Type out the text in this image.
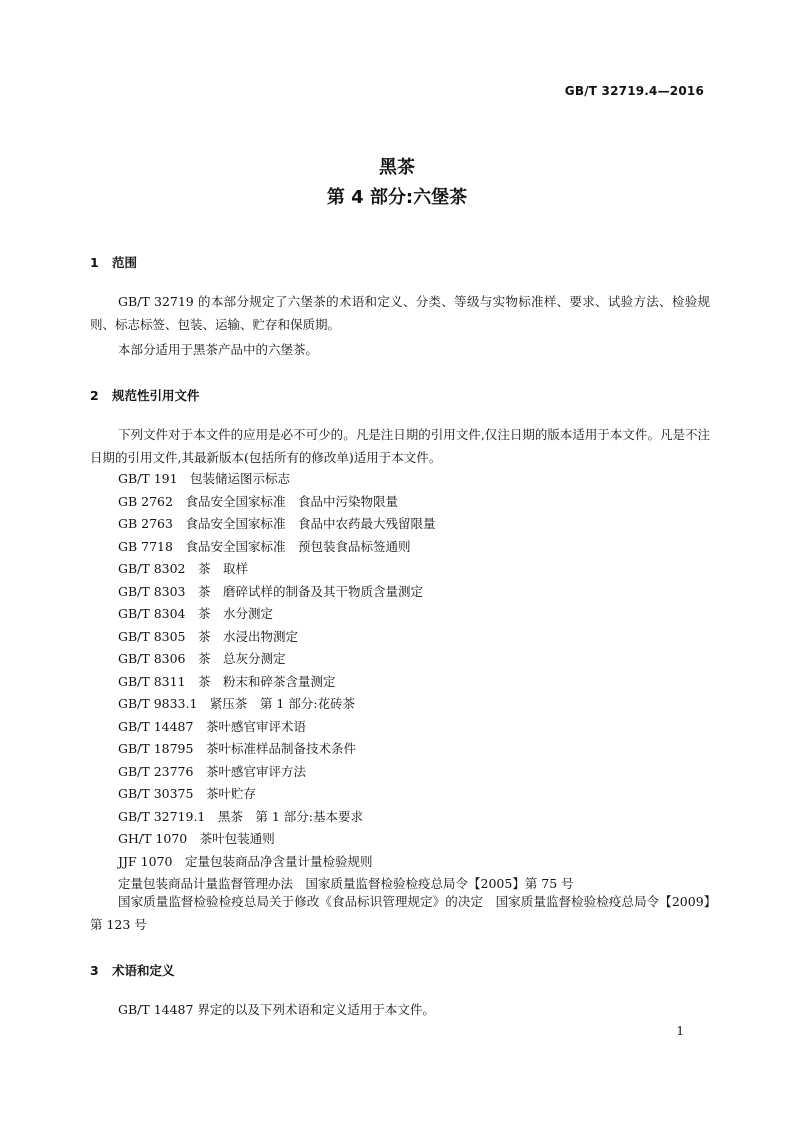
GB/T 32719.4—2016
黑茶
第 4 部分:六堡茶
1 范围
GB/T 32719 的本部分规定了六堡茶的术语和定义、分类、等级与实物标准样、要求、试验方法、检验规则、标志标签、包装、运输、贮存和保质期。
本部分适用于黑茶产品中的六堡茶。
2 规范性引用文件
下列文件对于本文件的应用是必不可少的。凡是注日期的引用文件,仅注日期的版本适用于本文件。凡是不注日期的引用文件,其最新版本(包括所有的修改单)适用于本文件。
GB/T 191　包装储运图示标志
GB 2762　食品安全国家标准　食品中污染物限量
GB 2763　食品安全国家标准　食品中农药最大残留限量
GB 7718　食品安全国家标准　预包装食品标签通则
GB/T 8302　茶　取样
GB/T 8303　茶　磨碎试样的制备及其干物质含量测定
GB/T 8304　茶　水分测定
GB/T 8305　茶　水浸出物测定
GB/T 8306　茶　总灰分测定
GB/T 8311　茶　粉末和碎茶含量测定
GB/T 9833.1　紧压茶　第 1 部分:花砖茶
GB/T 14487　茶叶感官审评术语
GB/T 18795　茶叶标准样品制备技术条件
GB/T 23776　茶叶感官审评方法
GB/T 30375　茶叶贮存
GB/T 32719.1　黑茶　第 1 部分:基本要求
GH/T 1070　茶叶包装通则
JJF 1070　定量包装商品净含量计量检验规则
定量包装商品计量监督管理办法　国家质量监督检验检疫总局令【2005】第 75 号
国家质量监督检验检疫总局关于修改《食品标识管理规定》的决定　国家质量监督检验检疫总局令【2009】第 123 号
3 术语和定义
GB/T 14487 界定的以及下列术语和定义适用于本文件。
1
